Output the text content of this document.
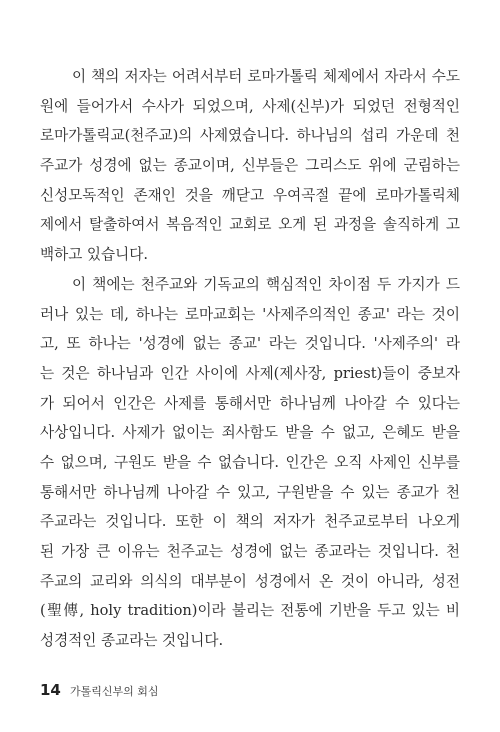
이 책의 저자는 어려서부터 로마가톨릭 체제에서 자라서 수도
원에 들어가서 수사가 되었으며, 사제(신부)가 되었던 전형적인
로마가톨릭교(천주교)의 사제였습니다. 하나님의 섭리 가운데 천
주교가 성경에 없는 종교이며, 신부들은 그리스도 위에 군림하는
신성모독적인 존재인 것을 깨닫고 우여곡절 끝에 로마가톨릭체
제에서 탈출하여서 복음적인 교회로 오게 된 과정을 솔직하게 고
백하고 있습니다.
이 책에는 천주교와 기독교의 핵심적인 차이점 두 가지가 드
러나 있는 데, 하나는 로마교회는 '사제주의적인 종교' 라는 것이
고, 또 하나는 '성경에 없는 종교' 라는 것입니다. '사제주의' 라
는 것은 하나님과 인간 사이에 사제(제사장, priest)들이 중보자
가 되어서 인간은 사제를 통해서만 하나님께 나아갈 수 있다는
사상입니다. 사제가 없이는 죄사함도 받을 수 없고, 은혜도 받을
수 없으며, 구원도 받을 수 없습니다. 인간은 오직 사제인 신부를
통해서만 하나님께 나아갈 수 있고, 구원받을 수 있는 종교가 천
주교라는 것입니다. 또한 이 책의 저자가 천주교로부터 나오게
된 가장 큰 이유는 천주교는 성경에 없는 종교라는 것입니다. 천
주교의 교리와 의식의 대부분이 성경에서 온 것이 아니라, 성전
(聖傳, holy tradition)이라 불리는 전통에 기반을 두고 있는 비
성경적인 종교라는 것입니다.
14 가톨릭신부의 회심
